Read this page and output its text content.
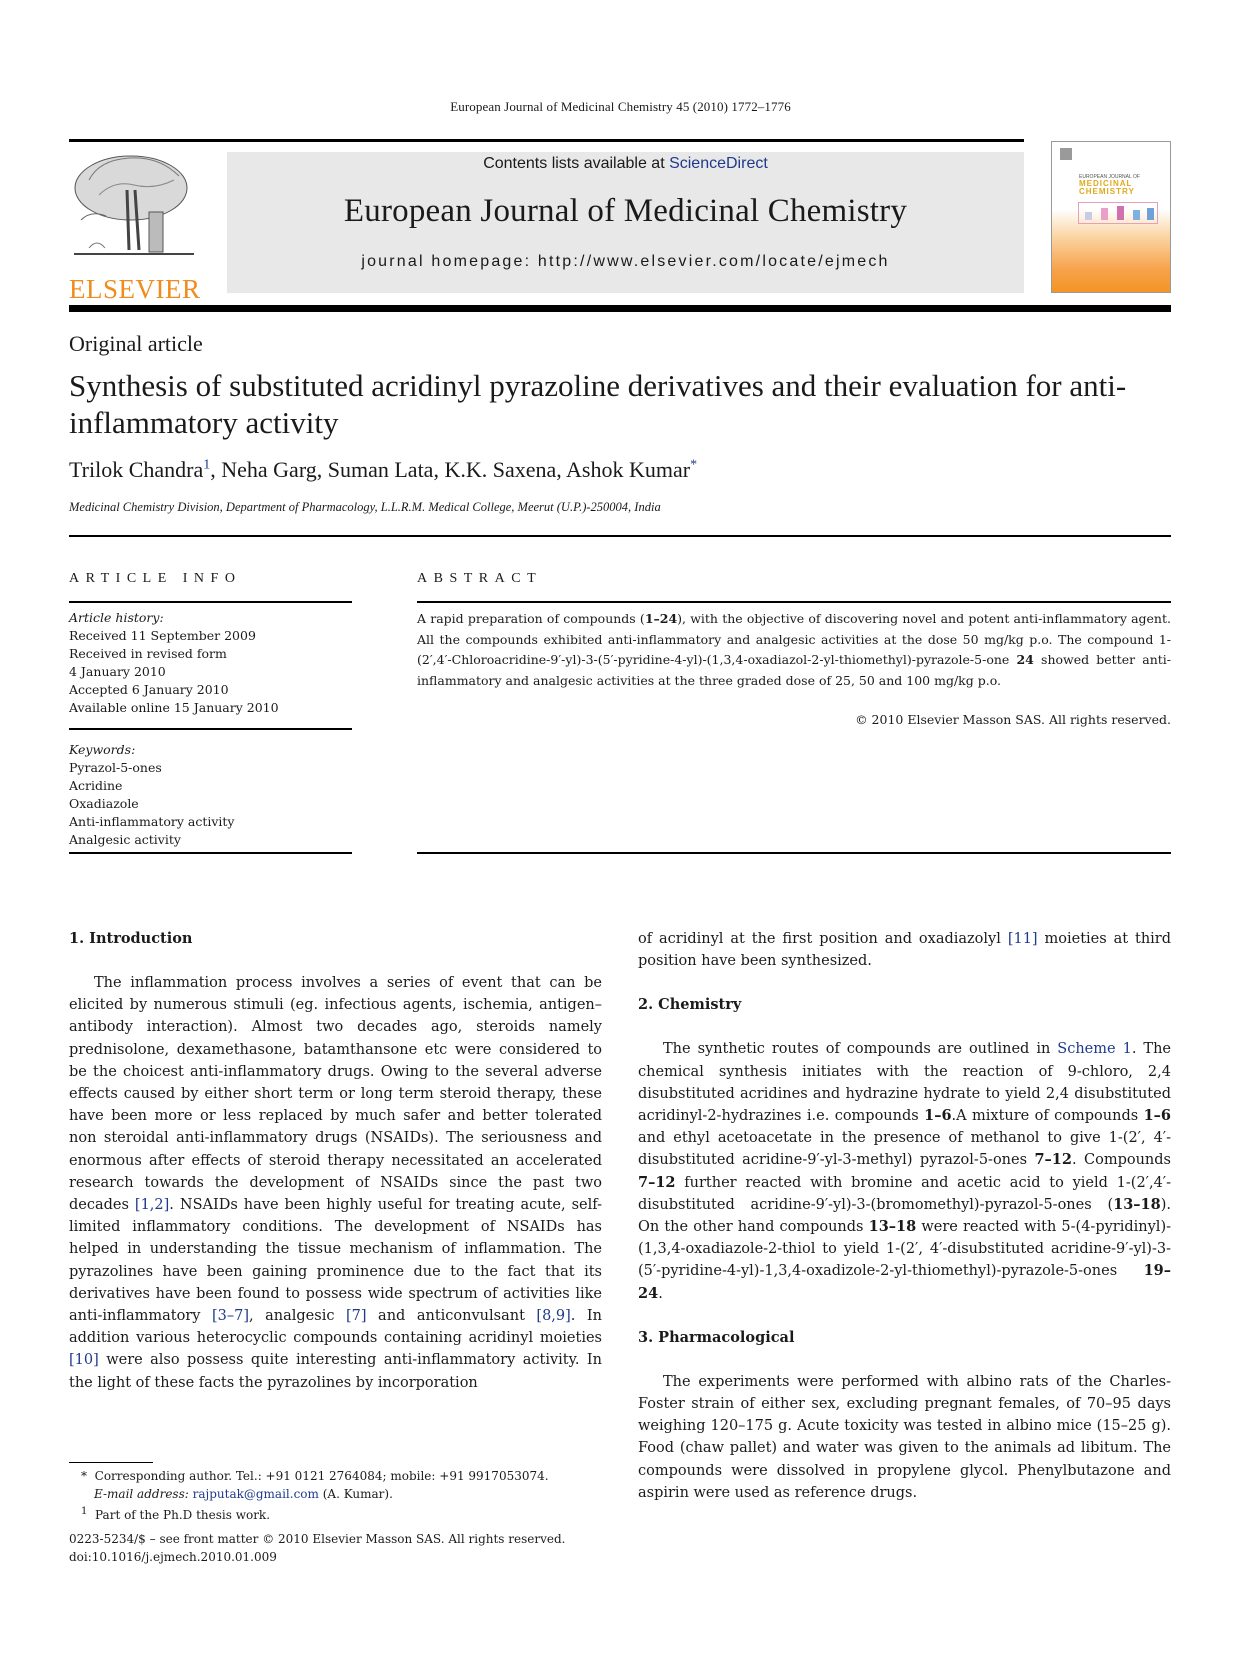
European Journal of Medicinal Chemistry 45 (2010) 1772–1776
ELSEVIER
Contents lists available at ScienceDirect
European Journal of Medicinal Chemistry
journal homepage: http://www.elsevier.com/locate/ejmech
EUROPEAN JOURNAL OF
MEDICINAL
CHEMISTRY
Original article
Synthesis of substituted acridinyl pyrazoline derivatives and their evaluation for anti-inflammatory activity
Trilok Chandra$^1$, Neha Garg, Suman Lata, K.K. Saxena, Ashok Kumar*
Medicinal Chemistry Division, Department of Pharmacology, L.L.R.M. Medical College, Meerut (U.P.)-250004, India
ARTICLE INFO
Article history:
Received 11 September 2009
Received in revised form
4 January 2010
Accepted 6 January 2010
Available online 15 January 2010
Keywords:
Pyrazol-5-ones
Acridine
Oxadiazole
Anti-inflammatory activity
Analgesic activity
ABSTRACT
A rapid preparation of compounds (1–24), with the objective of discovering novel and potent anti-inflammatory agent. All the compounds exhibited anti-inflammatory and analgesic activities at the dose 50 mg/kg p.o. The compound 1-(2′,4′-Chloroacridine-9′-yl)-3-(5′-pyridine-4-yl)-(1,3,4-oxadiazol-2-yl-thiomethyl)-pyrazole-5-one 24 showed better anti-inflammatory and analgesic activities at the three graded dose of 25, 50 and 100 mg/kg p.o.
© 2010 Elsevier Masson SAS. All rights reserved.
1. Introduction
The inflammation process involves a series of event that can be elicited by numerous stimuli (eg. infectious agents, ischemia, antigen–antibody interaction). Almost two decades ago, steroids namely prednisolone, dexamethasone, batamthansone etc were considered to be the choicest anti-inflammatory drugs. Owing to the several adverse effects caused by either short term or long term steroid therapy, these have been more or less replaced by much safer and better tolerated non steroidal anti-inflammatory drugs (NSAIDs). The seriousness and enormous after effects of steroid therapy necessitated an accelerated research towards the development of NSAIDs since the past two decades [1,2]. NSAIDs have been highly useful for treating acute, self-limited inflammatory conditions. The development of NSAIDs has helped in understanding the tissue mechanism of inflammation. The pyrazolines have been gaining prominence due to the fact that its derivatives have been found to possess wide spectrum of activities like anti-inflammatory [3–7], analgesic [7] and anticonvulsant [8,9]. In addition various heterocyclic compounds containing acridinyl moieties [10] were also possess quite interesting anti-inflammatory activity. In the light of these facts the pyrazolines by incorporation
* Corresponding author. Tel.: +91 0121 2764084; mobile: +91 9917053074.
E-mail address: rajputak@gmail.com (A. Kumar).
$^1$ Part of the Ph.D thesis work.
0223-5234/$ – see front matter © 2010 Elsevier Masson SAS. All rights reserved.
doi:10.1016/j.ejmech.2010.01.009
of acridinyl at the first position and oxadiazolyl [11] moieties at third position have been synthesized.
2. Chemistry
The synthetic routes of compounds are outlined in Scheme 1. The chemical synthesis initiates with the reaction of 9-chloro, 2,4 disubstituted acridines and hydrazine hydrate to yield 2,4 disubstituted acridinyl-2-hydrazines i.e. compounds 1–6.A mixture of compounds 1–6 and ethyl acetoacetate in the presence of methanol to give 1-(2′, 4′-disubstituted acridine-9′-yl-3-methyl) pyrazol-5-ones 7–12. Compounds 7–12 further reacted with bromine and acetic acid to yield 1-(2′,4′-disubstituted acridine-9′-yl)-3-(bromomethyl)-pyrazol-5-ones (13–18). On the other hand compounds 13–18 were reacted with 5-(4-pyridinyl)-(1,3,4-oxadiazole-2-thiol to yield 1-(2′, 4′-disubstituted acridine-9′-yl)-3-(5′-pyridine-4-yl)-1,3,4-oxadizole-2-yl-thiomethyl)-pyrazole-5-ones 19–24.
3. Pharmacological
The experiments were performed with albino rats of the Charles-Foster strain of either sex, excluding pregnant females, of 70–95 days weighing 120–175 g. Acute toxicity was tested in albino mice (15–25 g). Food (chaw pallet) and water was given to the animals ad libitum. The compounds were dissolved in propylene glycol. Phenylbutazone and aspirin were used as reference drugs.
